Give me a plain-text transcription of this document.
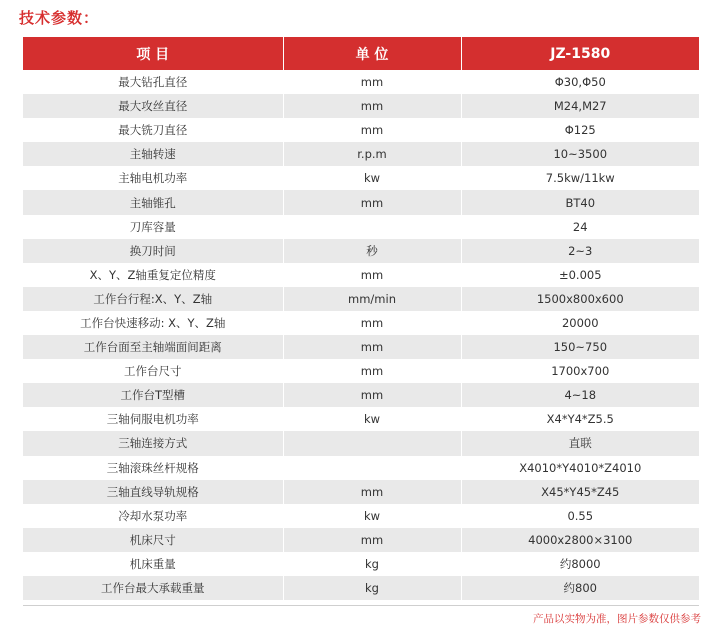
技术参数：
项 目	单 位	JZ-1580
最大钻孔直径	mm	Φ30,Φ50
最大攻丝直径	mm	M24,M27
最大铣刀直径	mm	Φ125
主轴转速	r.p.m	10~3500
主轴电机功率	kw	7.5kw/11kw
主轴锥孔	mm	BT40
刀库容量		24
换刀时间	秒	2~3
X、Y、Z轴重复定位精度	mm	±0.005
工作台行程:X、Y、Z轴	mm/min	1500x800x600
工作台快速移动: X、Y、Z轴	mm	20000
工作台面至主轴端面间距离	mm	150~750
工作台尺寸	mm	1700x700
工作台T型槽	mm	4~18
三轴伺服电机功率	kw	X4*Y4*Z5.5
三轴连接方式		直联
三轴滚珠丝杆规格		X4010*Y4010*Z4010
三轴直线导轨规格	mm	X45*Y45*Z45
冷却水泵功率	kw	0.55
机床尺寸	mm	4000x2800×3100
机床重量	kg	约8000
工作台最大承载重量	kg	约800
产品以实物为准，图片参数仅供参考
